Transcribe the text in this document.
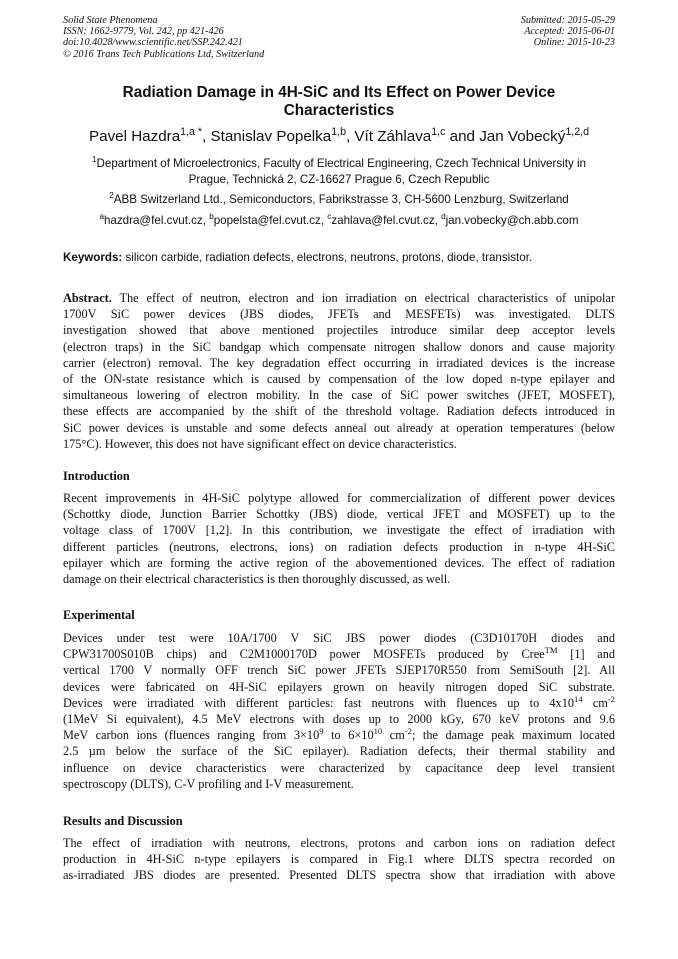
Solid State Phenomena
ISSN: 1662-9779, Vol. 242, pp 421-426
doi:10.4028/www.scientific.net/SSP.242.421
© 2016 Trans Tech Publications Ltd, Switzerland
Submitted: 2015-05-29
Accepted: 2015-06-01
Online: 2015-10-23
Radiation Damage in 4H-SiC and Its Effect on Power Device
Characteristics
Pavel Hazdra$^{1,a *}$, Stanislav Popelka$^{1,b}$, Vít Záhlava$^{1,c}$ and Jan Vobecký$^{1,2,d}$
$^1$Department of Microelectronics, Faculty of Electrical Engineering, Czech Technical University in
Prague, Technická 2, CZ-16627 Prague 6, Czech Republic
$^2$ABB Switzerland Ltd., Semiconductors, Fabrikstrasse 3, CH-5600 Lenzburg, Switzerland
$^a$hazdra@fel.cvut.cz, $^b$popelsta@fel.cvut.cz, $^c$zahlava@fel.cvut.cz, $^d$jan.vobecky@ch.abb.com
Keywords: silicon carbide, radiation defects, electrons, neutrons, protons, diode, transistor.
Abstract. The effect of neutron, electron and ion irradiation on electrical characteristics of unipolar
1700V SiC power devices (JBS diodes, JFETs and MESFETs) was investigated. DLTS
investigation showed that above mentioned projectiles introduce similar deep acceptor levels
(electron traps) in the SiC bandgap which compensate nitrogen shallow donors and cause majority
carrier (electron) removal. The key degradation effect occurring in irradiated devices is the increase
of the ON-state resistance which is caused by compensation of the low doped n-type epilayer and
simultaneous lowering of electron mobility. In the case of SiC power switches (JFET, MOSFET),
these effects are accompanied by the shift of the threshold voltage. Radiation defects introduced in
SiC power devices is unstable and some defects anneal out already at operation temperatures (below
175°C). However, this does not have significant effect on device characteristics.
Introduction
Recent improvements in 4H-SiC polytype allowed for commercialization of different power devices
(Schottky diode, Junction Barrier Schottky (JBS) diode, vertical JFET and MOSFET) up to the
voltage class of 1700V [1,2]. In this contribution, we investigate the effect of irradiation with
different particles (neutrons, electrons, ions) on radiation defects production in n-type 4H-SiC
epilayer which are forming the active region of the abovementioned devices. The effect of radiation
damage on their electrical characteristics is then thoroughly discussed, as well.
Experimental
Devices under test were 10A/1700 V SiC JBS power diodes (C3D10170H diodes and
CPW31700S010B chips) and C2M1000170D power MOSFETs produced by Cree™ [1] and
vertical 1700 V normally OFF trench SiC power JFETs SJEP170R550 from SemiSouth [2]. All
devices were fabricated on 4H-SiC epilayers grown on heavily nitrogen doped SiC substrate.
Devices were irradiated with different particles: fast neutrons with fluences up to $4x10^{14}$ $cm^{-2}$
(1MeV Si equivalent), 4.5 MeV electrons with doses up to 2000 kGy, 670 keV protons and 9.6
MeV carbon ions (fluences ranging from $3\times 10^9$ to $6\times 10^{10}$ $cm^{-2}$; the damage peak maximum located
2.5 µm below the surface of the SiC epilayer). Radiation defects, their thermal stability and
influence on device characteristics were characterized by capacitance deep level transient
spectroscopy (DLTS), C-V profiling and I-V measurement.
Results and Discussion
The effect of irradiation with neutrons, electrons, protons and carbon ions on radiation defect
production in 4H-SiC n-type epilayers is compared in Fig.1 where DLTS spectra recorded on
as-irradiated JBS diodes are presented. Presented DLTS spectra show that irradiation with above
